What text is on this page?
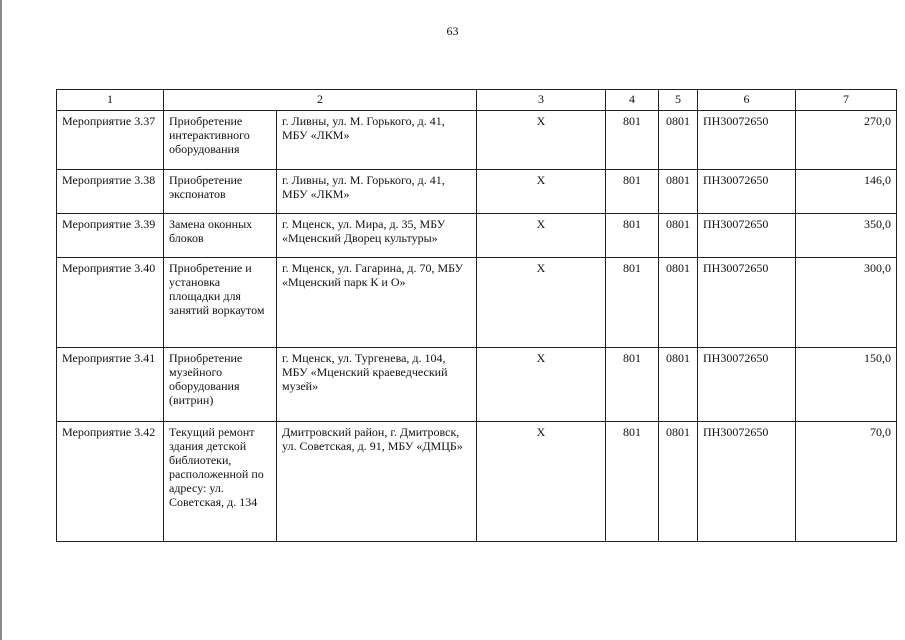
63
1	2		3	4	5	6	7
Мероприятие 3.37	Приобретение интерактивного оборудования	г. Ливны, ул. М. Горького, д. 41, МБУ «ЛКМ»	Х	801	0801	ПН30072650	270,0
Мероприятие 3.38	Приобретение экспонатов	г. Ливны, ул. М. Горького, д. 41, МБУ «ЛКМ»	Х	801	0801	ПН30072650	146,0
Мероприятие 3.39	Замена оконных блоков	г. Мценск, ул. Мира, д. 35, МБУ «Мценский Дворец культуры»	Х	801	0801	ПН30072650	350,0
Мероприятие 3.40	Приобретение и установка площадки для занятий воркаутом	г. Мценск, ул. Гагарина, д. 70, МБУ «Мценский парк К и О»	Х	801	0801	ПН30072650	300,0
Мероприятие 3.41	Приобретение музейного оборудования (витрин)	г. Мценск, ул. Тургенева, д. 104, МБУ «Мценский краеведческий музей»	Х	801	0801	ПН30072650	150,0
Мероприятие 3.42	Текущий ремонт здания детской библиотеки, расположенной по адресу: ул. Советская, д. 134	Дмитровский район, г. Дмитровск, ул. Советская, д. 91, МБУ «ДМЦБ»	Х	801	0801	ПН30072650	70,0
